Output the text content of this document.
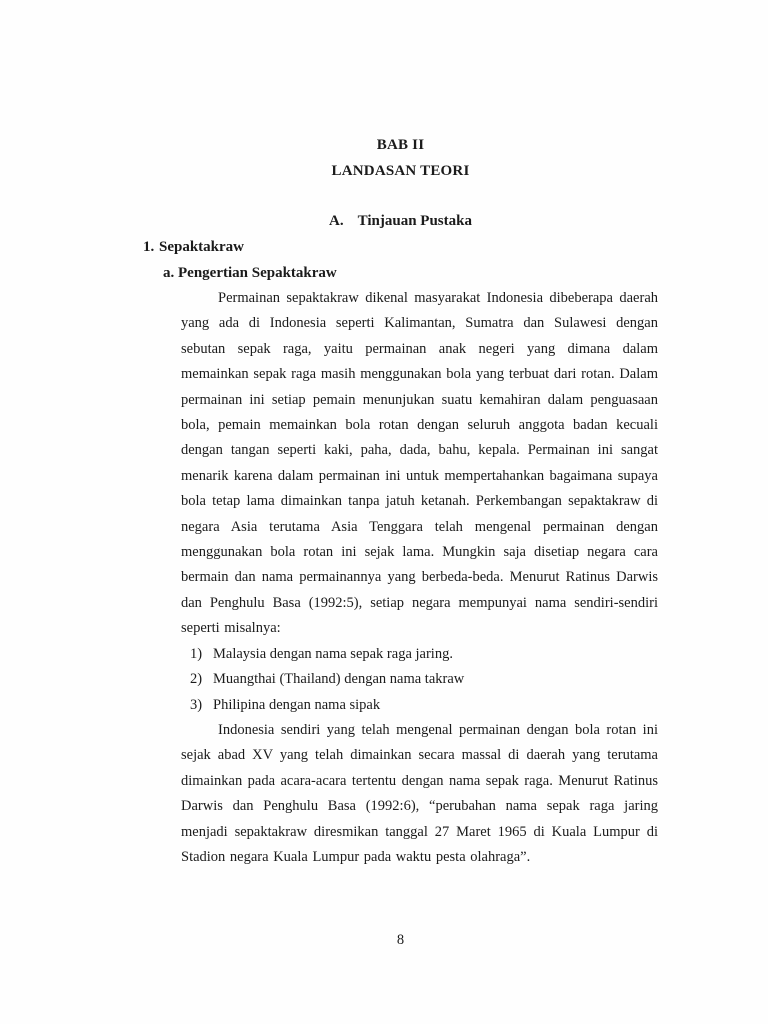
BAB II
LANDASAN TEORI
A. Tinjauan Pustaka
1. Sepaktakraw
a. Pengertian Sepaktakraw

Permainan sepaktakraw dikenal masyarakat Indonesia dibeberapa daerah yang ada di Indonesia seperti Kalimantan, Sumatra dan Sulawesi dengan sebutan sepak raga, yaitu permainan anak negeri yang dimana dalam memainkan sepak raga masih menggunakan bola yang terbuat dari rotan. Dalam permainan ini setiap pemain menunjukan suatu kemahiran dalam penguasaan bola, pemain memainkan bola rotan dengan seluruh anggota badan kecuali dengan tangan seperti kaki, paha, dada, bahu, kepala. Permainan ini sangat menarik karena dalam permainan ini untuk mempertahankan bagaimana supaya bola tetap lama dimainkan tanpa jatuh ketanah. Perkembangan sepaktakraw di negara Asia terutama Asia Tenggara telah mengenal permainan dengan menggunakan bola rotan ini sejak lama. Mungkin saja disetiap negara cara bermain dan nama permainannya yang berbeda-beda. Menurut Ratinus Darwis dan Penghulu Basa (1992:5), setiap negara mempunyai nama sendiri-sendiri seperti misalnya:

1) Malaysia dengan nama sepak raga jaring.
2) Muangthai (Thailand) dengan nama takraw
3) Philipina dengan nama sipak

Indonesia sendiri yang telah mengenal permainan dengan bola rotan ini sejak abad XV yang telah dimainkan secara massal di daerah yang terutama dimainkan pada acara-acara tertentu dengan nama sepak raga. Menurut Ratinus Darwis dan Penghulu Basa (1992:6), “perubahan nama sepak raga jaring menjadi sepaktakraw diresmikan tanggal 27 Maret 1965 di Kuala Lumpur di Stadion negara Kuala Lumpur pada waktu pesta olahraga”.

8
